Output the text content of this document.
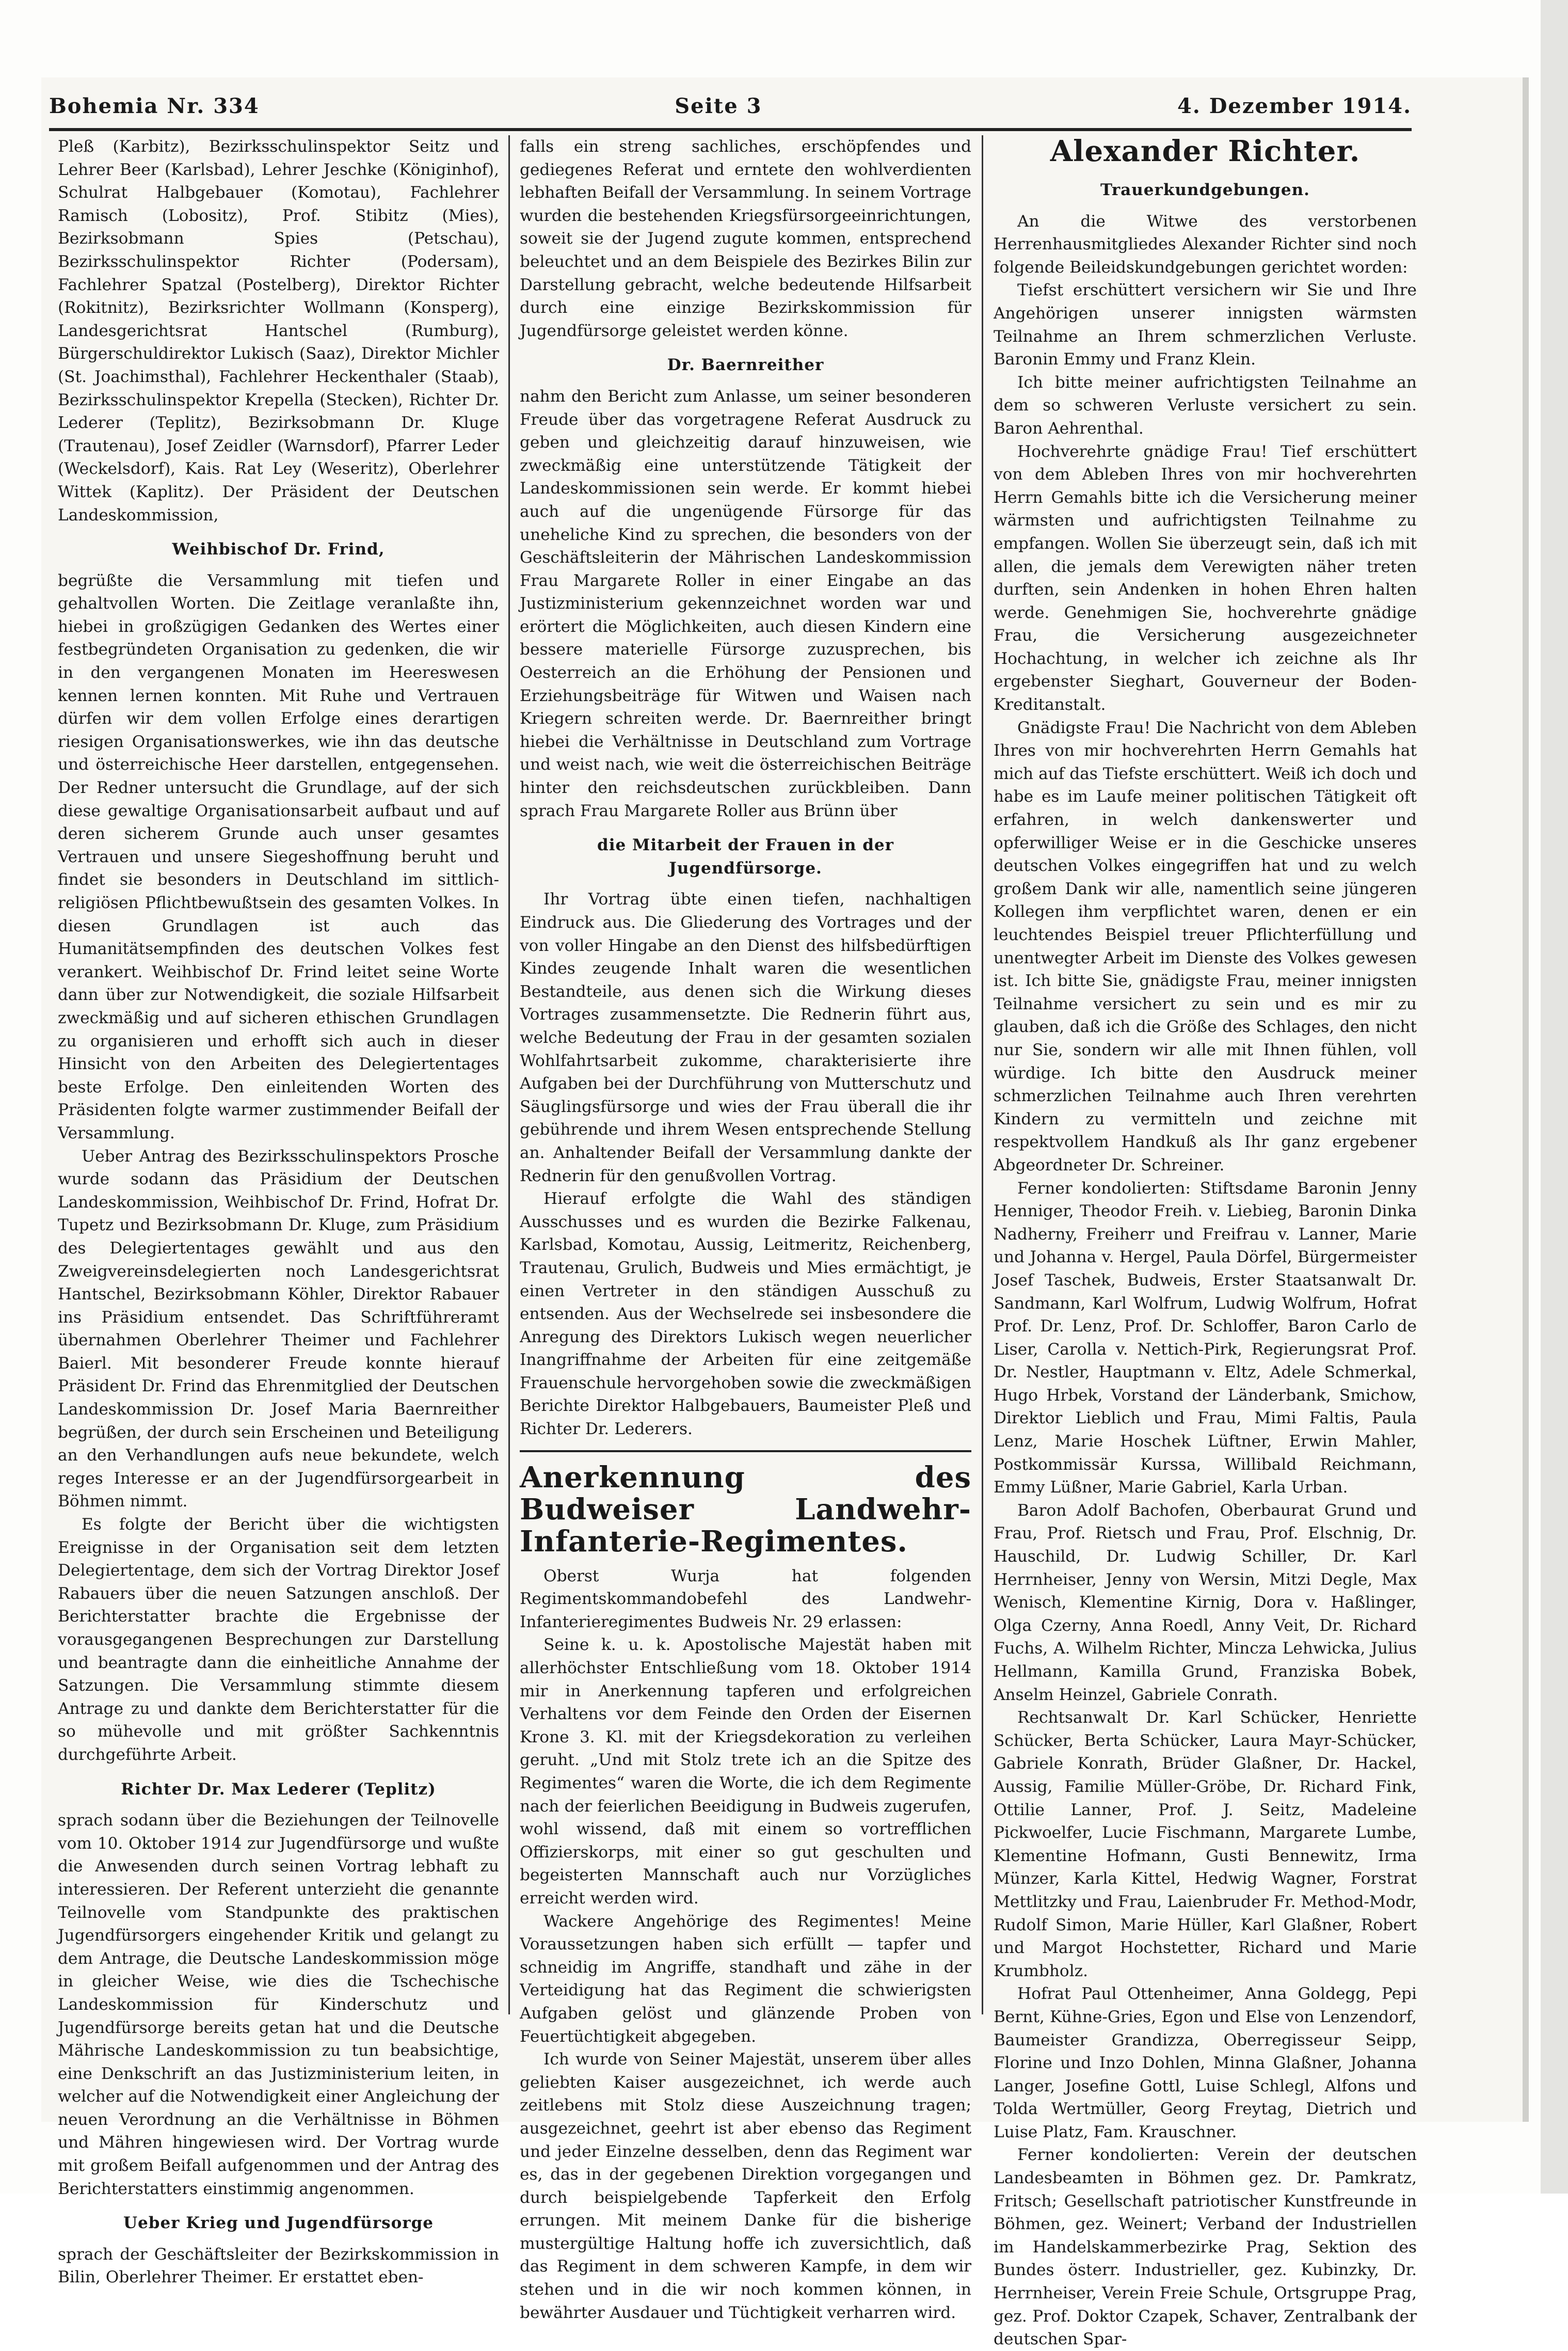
Bohemia Nr. 334	Seite 3	4. Dezember 1914.

Pleß (Karbitz), Bezirksschulinspektor Seitz und Lehrer Beer (Karlsbad), Lehrer Jeschke (Königinhof), Schulrat Halbgebauer (Komotau), Fachlehrer Ramisch (Lobositz), Prof. Stibitz (Mies), Bezirksobmann Spies (Petschau), Bezirksschulinspektor Richter (Podersam), Fachlehrer Spatzal (Postelberg), Direktor Richter (Rokitnitz), Bezirksrichter Wollmann (Konsperg), Landesgerichtsrat Hantschel (Rumburg), Bürgerschuldirektor Lukisch (Saaz), Direktor Michler (St. Joachimsthal), Fachlehrer Heckenthaler (Staab), Bezirksschulinspektor Krepella (Stecken), Richter Dr. Lederer (Teplitz), Bezirksobmann Dr. Kluge (Trautenau), Josef Zeidler (Warnsdorf), Pfarrer Leder (Weckelsdorf), Kais. Rat Ley (Weseritz), Oberlehrer Wittek (Kaplitz). Der Präsident der Deutschen Landeskommission,

Weihbischof Dr. Frind,

begrüßte die Versammlung mit tiefen und gehaltvollen Worten. Die Zeitlage veranlaßte ihn, hiebei in großzügigen Gedanken des Wertes einer festbegründeten Organisation zu gedenken, die wir in den vergangenen Monaten im Heereswesen kennen lernen konnten. Mit Ruhe und Vertrauen dürfen wir dem vollen Erfolge eines derartigen riesigen Organisationswerkes, wie ihn das deutsche und österreichische Heer darstellen, entgegensehen. Der Redner untersucht die Grundlage, auf der sich diese gewaltige Organisationsarbeit aufbaut und auf deren sicherem Grunde auch unser gesamtes Vertrauen und unsere Siegeshoffnung beruht und findet sie besonders in Deutschland im sittlich-religiösen Pflichtbewußtsein des gesamten Volkes. In diesen Grundlagen ist auch das Humanitätsempfinden des deutschen Volkes fest verankert. Weihbischof Dr. Frind leitet seine Worte dann über zur Notwendigkeit, die soziale Hilfsarbeit zweckmäßig und auf sicheren ethischen Grundlagen zu organisieren und erhofft sich auch in dieser Hinsicht von den Arbeiten des Delegiertentages beste Erfolge. Den einleitenden Worten des Präsidenten folgte warmer zustimmender Beifall der Versammlung.

Ueber Antrag des Bezirksschulinspektors Prosche wurde sodann das Präsidium der Deutschen Landeskommission, Weihbischof Dr. Frind, Hofrat Dr. Tupetz und Bezirksobmann Dr. Kluge, zum Präsidium des Delegiertentages gewählt und aus den Zweigvereinsdelegierten noch Landesgerichtsrat Hantschel, Bezirksobmann Köhler, Direktor Rabauer ins Präsidium entsendet. Das Schriftführeramt übernahmen Oberlehrer Theimer und Fachlehrer Baierl. Mit besonderer Freude konnte hierauf Präsident Dr. Frind das Ehrenmitglied der Deutschen Landeskommission Dr. Josef Maria Baernreither begrüßen, der durch sein Erscheinen und Beteiligung an den Verhandlungen aufs neue bekundete, welch reges Interesse er an der Jugendfürsorgearbeit in Böhmen nimmt.

Es folgte der Bericht über die wichtigsten Ereignisse in der Organisation seit dem letzten Delegiertentage, dem sich der Vortrag Direktor Josef Rabauers über die neuen Satzungen anschloß. Der Berichterstatter brachte die Ergebnisse der vorausgegangenen Besprechungen zur Darstellung und beantragte dann die einheitliche Annahme der Satzungen. Die Versammlung stimmte diesem Antrage zu und dankte dem Berichterstatter für die so mühevolle und mit größter Sachkenntnis durchgeführte Arbeit.

Richter Dr. Max Lederer (Teplitz)

sprach sodann über die Beziehungen der Teilnovelle vom 10. Oktober 1914 zur Jugendfürsorge und wußte die Anwesenden durch seinen Vortrag lebhaft zu interessieren. Der Referent unterzieht die genannte Teilnovelle vom Standpunkte des praktischen Jugendfürsorgers eingehender Kritik und gelangt zu dem Antrage, die Deutsche Landeskommission möge in gleicher Weise, wie dies die Tschechische Landeskommission für Kinderschutz und Jugendfürsorge bereits getan hat und die Deutsche Mährische Landeskommission zu tun beabsichtige, eine Denkschrift an das Justizministerium leiten, in welcher auf die Notwendigkeit einer Angleichung der neuen Verordnung an die Verhältnisse in Böhmen und Mähren hingewiesen wird. Der Vortrag wurde mit großem Beifall aufgenommen und der Antrag des Berichterstatters einstimmig angenommen.

Ueber Krieg und Jugendfürsorge

sprach der Geschäftsleiter der Bezirkskommission in Bilin, Oberlehrer Theimer. Er erstattet eben-

falls ein streng sachliches, erschöpfendes und gediegenes Referat und erntete den wohlverdienten lebhaften Beifall der Versammlung. In seinem Vortrage wurden die bestehenden Kriegsfürsorgeeinrichtungen, soweit sie der Jugend zugute kommen, entsprechend beleuchtet und an dem Beispiele des Bezirkes Bilin zur Darstellung gebracht, welche bedeutende Hilfsarbeit durch eine einzige Bezirkskommission für Jugendfürsorge geleistet werden könne.

Dr. Baernreither

nahm den Bericht zum Anlasse, um seiner besonderen Freude über das vorgetragene Referat Ausdruck zu geben und gleichzeitig darauf hinzuweisen, wie zweckmäßig eine unterstützende Tätigkeit der Landeskommissionen sein werde. Er kommt hiebei auch auf die ungenügende Fürsorge für das uneheliche Kind zu sprechen, die besonders von der Geschäftsleiterin der Mährischen Landeskommission Frau Margarete Roller in einer Eingabe an das Justizministerium gekennzeichnet worden war und erörtert die Möglichkeiten, auch diesen Kindern eine bessere materielle Fürsorge zuzusprechen, bis Oesterreich an die Erhöhung der Pensionen und Erziehungsbeiträge für Witwen und Waisen nach Kriegern schreiten werde. Dr. Baernreither bringt hiebei die Verhältnisse in Deutschland zum Vortrage und weist nach, wie weit die österreichischen Beiträge hinter den reichsdeutschen zurückbleiben. Dann sprach Frau Margarete Roller aus Brünn über

die Mitarbeit der Frauen in der Jugendfürsorge.

Ihr Vortrag übte einen tiefen, nachhaltigen Eindruck aus. Die Gliederung des Vortrages und der von voller Hingabe an den Dienst des hilfsbedürftigen Kindes zeugende Inhalt waren die wesentlichen Bestandteile, aus denen sich die Wirkung dieses Vortrages zusammensetzte. Die Rednerin führt aus, welche Bedeutung der Frau in der gesamten sozialen Wohlfahrtsarbeit zukomme, charakterisierte ihre Aufgaben bei der Durchführung von Mutterschutz und Säuglingsfürsorge und wies der Frau überall die ihr gebührende und ihrem Wesen entsprechende Stellung an. Anhaltender Beifall der Versammlung dankte der Rednerin für den genußvollen Vortrag.

Hierauf erfolgte die Wahl des ständigen Ausschusses und es wurden die Bezirke Falkenau, Karlsbad, Komotau, Aussig, Leitmeritz, Reichenberg, Trautenau, Grulich, Budweis und Mies ermächtigt, je einen Vertreter in den ständigen Ausschuß zu entsenden. Aus der Wechselrede sei insbesondere die Anregung des Direktors Lukisch wegen neuerlicher Inangriffnahme der Arbeiten für eine zeitgemäße Frauenschule hervorgehoben sowie die zweckmäßigen Berichte Direktor Halbgebauers, Baumeister Pleß und Richter Dr. Lederers.

Anerkennung des Budweiser Landwehr-Infanterie-Regimentes.

Oberst Wurja hat folgenden Regimentskommandobefehl des Landwehr-Infanterieregimentes Budweis Nr. 29 erlassen:

Seine k. u. k. Apostolische Majestät haben mit allerhöchster Entschließung vom 18. Oktober 1914 mir in Anerkennung tapferen und erfolgreichen Verhaltens vor dem Feinde den Orden der Eisernen Krone 3. Kl. mit der Kriegsdekoration zu verleihen geruht. „Und mit Stolz trete ich an die Spitze des Regimentes“ waren die Worte, die ich dem Regimente nach der feierlichen Beeidigung in Budweis zugerufen, wohl wissend, daß mit einem so vortrefflichen Offizierskorps, mit einer so gut geschulten und begeisterten Mannschaft auch nur Vorzügliches erreicht werden wird.

Wackere Angehörige des Regimentes! Meine Voraussetzungen haben sich erfüllt — tapfer und schneidig im Angriffe, standhaft und zähe in der Verteidigung hat das Regiment die schwierigsten Aufgaben gelöst und glänzende Proben von Feuertüchtigkeit abgegeben.

Ich wurde von Seiner Majestät, unserem über alles geliebten Kaiser ausgezeichnet, ich werde auch zeitlebens mit Stolz diese Auszeichnung tragen; ausgezeichnet, geehrt ist aber ebenso das Regiment und jeder Einzelne desselben, denn das Regiment war es, das in der gegebenen Direktion vorgegangen und durch beispielgebende Tapferkeit den Erfolg errungen. Mit meinem Danke für die bisherige mustergültige Haltung hoffe ich zuversichtlich, daß das Regiment in dem schweren Kampfe, in dem wir stehen und in die wir noch kommen können, in bewährter Ausdauer und Tüchtigkeit verharren wird.

Alexander Richter.
Trauerkundgebungen.

An die Witwe des verstorbenen Herrenhausmitgliedes Alexander Richter sind noch folgende Beileidskundgebungen gerichtet worden:

Tiefst erschüttert versichern wir Sie und Ihre Angehörigen unserer innigsten wärmsten Teilnahme an Ihrem schmerzlichen Verluste. Baronin Emmy und Franz Klein.

Ich bitte meiner aufrichtigsten Teilnahme an dem so schweren Verluste versichert zu sein. Baron Aehrenthal.

Hochverehrte gnädige Frau! Tief erschüttert von dem Ableben Ihres von mir hochverehrten Herrn Gemahls bitte ich die Versicherung meiner wärmsten und aufrichtigsten Teilnahme zu empfangen. Wollen Sie überzeugt sein, daß ich mit allen, die jemals dem Verewigten näher treten durften, sein Andenken in hohen Ehren halten werde. Genehmigen Sie, hochverehrte gnädige Frau, die Versicherung ausgezeichneter Hochachtung, in welcher ich zeichne als Ihr ergebenster Sieghart, Gouverneur der Boden-Kreditanstalt.

Gnädigste Frau! Die Nachricht von dem Ableben Ihres von mir hochverehrten Herrn Gemahls hat mich auf das Tiefste erschüttert. Weiß ich doch und habe es im Laufe meiner politischen Tätigkeit oft erfahren, in welch dankenswerter und opferwilliger Weise er in die Geschicke unseres deutschen Volkes eingegriffen hat und zu welch großem Dank wir alle, namentlich seine jüngeren Kollegen ihm verpflichtet waren, denen er ein leuchtendes Beispiel treuer Pflichterfüllung und unentwegter Arbeit im Dienste des Volkes gewesen ist. Ich bitte Sie, gnädigste Frau, meiner innigsten Teilnahme versichert zu sein und es mir zu glauben, daß ich die Größe des Schlages, den nicht nur Sie, sondern wir alle mit Ihnen fühlen, voll würdige. Ich bitte den Ausdruck meiner schmerzlichen Teilnahme auch Ihren verehrten Kindern zu vermitteln und zeichne mit respektvollem Handkuß als Ihr ganz ergebener Abgeordneter Dr. Schreiner.

Ferner kondolierten: Stiftsdame Baronin Jenny Henniger, Theodor Freih. v. Liebieg, Baronin Dinka Nadherny, Freiherr und Freifrau v. Lanner, Marie und Johanna v. Hergel, Paula Dörfel, Bürgermeister Josef Taschek, Budweis, Erster Staatsanwalt Dr. Sandmann, Karl Wolfrum, Ludwig Wolfrum, Hofrat Prof. Dr. Lenz, Prof. Dr. Schloffer, Baron Carlo de Liser, Carolla v. Nettich-Pirk, Regierungsrat Prof. Dr. Nestler, Hauptmann v. Eltz, Adele Schmerkal, Hugo Hrbek, Vorstand der Länderbank, Smichow, Direktor Lieblich und Frau, Mimi Faltis, Paula Lenz, Marie Hoschek Lüftner, Erwin Mahler, Postkommissär Kurssa, Willibald Reichmann, Emmy Lüßner, Marie Gabriel, Karla Urban.

Baron Adolf Bachofen, Oberbaurat Grund und Frau, Prof. Rietsch und Frau, Prof. Elschnig, Dr. Hauschild, Dr. Ludwig Schiller, Dr. Karl Herrnheiser, Jenny von Wersin, Mitzi Degle, Max Wenisch, Klementine Kirnig, Dora v. Haßlinger, Olga Czerny, Anna Roedl, Anny Veit, Dr. Richard Fuchs, A. Wilhelm Richter, Mincza Lehwicka, Julius Hellmann, Kamilla Grund, Franziska Bobek, Anselm Heinzel, Gabriele Conrath.

Rechtsanwalt Dr. Karl Schücker, Henriette Schücker, Berta Schücker, Laura Mayr-Schücker, Gabriele Konrath, Brüder Glaßner, Dr. Hackel, Aussig, Familie Müller-Gröbe, Dr. Richard Fink, Ottilie Lanner, Prof. J. Seitz, Madeleine Pickwoelfer, Lucie Fischmann, Margarete Lumbe, Klementine Hofmann, Gusti Bennewitz, Irma Münzer, Karla Kittel, Hedwig Wagner, Forstrat Mettlitzky und Frau, Laienbruder Fr. Method-Modr, Rudolf Simon, Marie Hüller, Karl Glaßner, Robert und Margot Hochstetter, Richard und Marie Krumbholz.

Hofrat Paul Ottenheimer, Anna Goldegg, Pepi Bernt, Kühne-Gries, Egon und Else von Lenzendorf, Baumeister Grandizza, Oberregisseur Seipp, Florine und Inzo Dohlen, Minna Glaßner, Johanna Langer, Josefine Gottl, Luise Schlegl, Alfons und Tolda Wertmüller, Georg Freytag, Dietrich und Luise Platz, Fam. Krauschner.

Ferner kondolierten: Verein der deutschen Landesbeamten in Böhmen gez. Dr. Pamkratz, Fritsch; Gesellschaft patriotischer Kunstfreunde in Böhmen, gez. Weinert; Verband der Industriellen im Handelskammerbezirke Prag, Sektion des Bundes österr. Industrieller, gez. Kubinzky, Dr. Herrnheiser, Verein Freie Schule, Ortsgruppe Prag, gez. Prof. Doktor Czapek, Schaver, Zentralbank der deutschen Spar-
